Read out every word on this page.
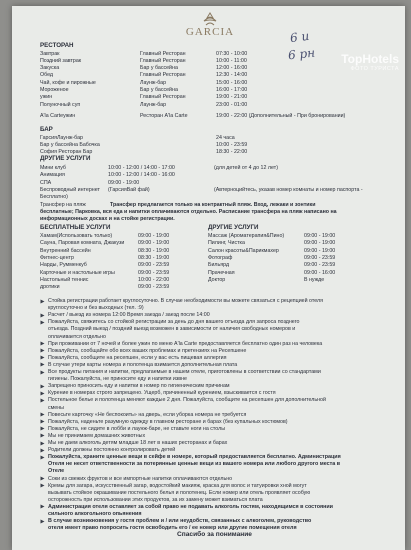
GARCIA	6 и
6 рн TopHotels
ФОТО ТУРИСТА
РЕСТОРАН
Завтрак	Главный Ресторан	07:30 - 10:00
Поздний завтрак	Главный Ресторан	10:00 - 11:00
Закуска	Бар у бассейна	12:00 - 16:00
Обед	Главный Ресторан	12:30 - 14:00
Чай, кофе и пирожные	Лаунж-бар	15:00 - 16:00
Мороженое	Бар у бассейна	16:00 - 17:00
ужин	Главный Ресторан	19:00 - 21:00
Полуночный суп	Лаунж-бар	23:00 - 01:00
A'la Carteужин	Ресторан A'la Carte	19:00 - 22:00 (Дополнительный - При бронировании)
БАР
ГарсияЛаунж-бар	24 часа
Бар у бассейна Бабочка	10:00 - 23:59
София Ресторан Бар	18:30 - 22:00
ДРУГИЕ УСЛУГИ
Мини клуб	10:00 - 12:00 / 14:00 - 17:00	(для детей от 4 до 12 лет)
Анимация	10:00 - 12:00 / 14:00 - 16:00
СПА	09:00 - 19:00
Беспроводный интернет (ГарсияВай фай)	(Автерноцийтесь, указав номер комнаты и номер паспорта -
Бесплатно)
Трансфер на пляж	Трансфер предлагается только на контрактный пляж. Вход, лежаки и зонтики
бесплатные; Парковка, вся еда и напитки оплачиваются отдельно. Расписание трансфера на пляж написано на
информационных досках и на стойке регистрации.
БЕСПЛАТНЫЕ УСЛУГИ	ДРУГИЕ УСЛУГИ
Хамам(Использовать только)	09:00 - 19:00
Сауна, Паровая комната, Джакузи	09:00 - 19:00
Внутренний бассейн	08:30 - 19:00
Фитнес-центр	08:30 - 19:00
Нарды, Румменкуб	09:00 - 23:59
Карточные и настольные игры	09:00 - 23:59
Настольный теннис	10:00 - 22:00
дротики	09:00 - 23:59
Массаж (Ароматерапия&Пино)	09:00 - 19:00
Пилинг, Чистка	09:00 - 19:00
Салон красоты&Парикмахер	09:00 - 19:00
Фотограф	09:00 - 23:59
Бильярд	09:00 - 23:59
Прачечная	09:00 - 16:00
Доктор	В нужде
Стойка регистрации работает круглосуточно. В случае необходимости вы можете связаться с рецепцией отеля
круглосуточно и без выходных (тел. :9)
Расчет / выезд из номера 12:00 Время заезда / заезд после 14:00
Пожалуйста, свяжитесь со стойкой регистрации за день до дня вашего отъезда для запроса позднего
отъезда. Поздний выезд / поздний выезд возможен в зависимости от наличия свободных номеров и
оплачивается отдельно
При проживании от 7 ночей и более ужин по меню A'la Carte предоставляется бесплатно один раз на человека
Пожалуйста, сообщайте обо всех ваших проблемах и претензиях на Ресепшене
Пожалуйста, сообщите на ресепшен, если у вас есть пищевая аллергия
В случае утери карты номера и полотенца взимается дополнительная плата
Все продукты питания и напитки, предлагаемые в нашем отеле, приготовлены в соответствии со стандартами
гигиены. Пожалуйста, не приносите еду и напитки извне
Запрещено приносить еду и напитки в номер по гигиеническим причинам
Курение в номерах строго запрещено. Ущерб, причиненный курением, взыскивается с гостя
Постельное белье и полотенца меняют каждые 2 дня. Пожалуйста, сообщите на ресепшен для дополнительной
смены
Повесьте карточку «Не беспокоить» на дверь, если уборка номера не требуется
Пожалуйста, наденьте разумную одежду в главном ресторане и барах (без купальных костюмов)
Пожалуйста, не сидите в лобби и лаунж-баре, не ставьте ноги на столы
Мы не принимаем домашних животных
Мы не даем алкоголь детям младше 18 лет в наших ресторанах и барах
Родители должны постоянно контролировать детей
Пожалуйста, храните ценные вещи в сейфе в номере, который предоставляется бесплатно. Администрация
Отеля не несет ответственности за потерянные ценные вещи из вашего номера или любого другого места в
Отеле
Соки из свежих фруктов и все импортные напитки оплачиваются отдельно
Кремы для загара, искусственный загар, водостойкий макияж, краска для волос и татуировки хной могут
вызывать стойкое окрашивание постельного белья и полотенец. Если номер или отель проявляет особую
осторожность при использовании этих продуктов, за их замену может взиматься плата
Администрация отеля оставляет за собой право не подавать алкоголь гостям, находящимся в состоянии
сильного алкогольного опьянения
В случае возникновения у гостя проблем и / или неудобств, связанных с алкоголем, руководство
отеля имеет право попросить гостя освободить его / ее номер или другие помещения отеля
Спасибо за понимание
